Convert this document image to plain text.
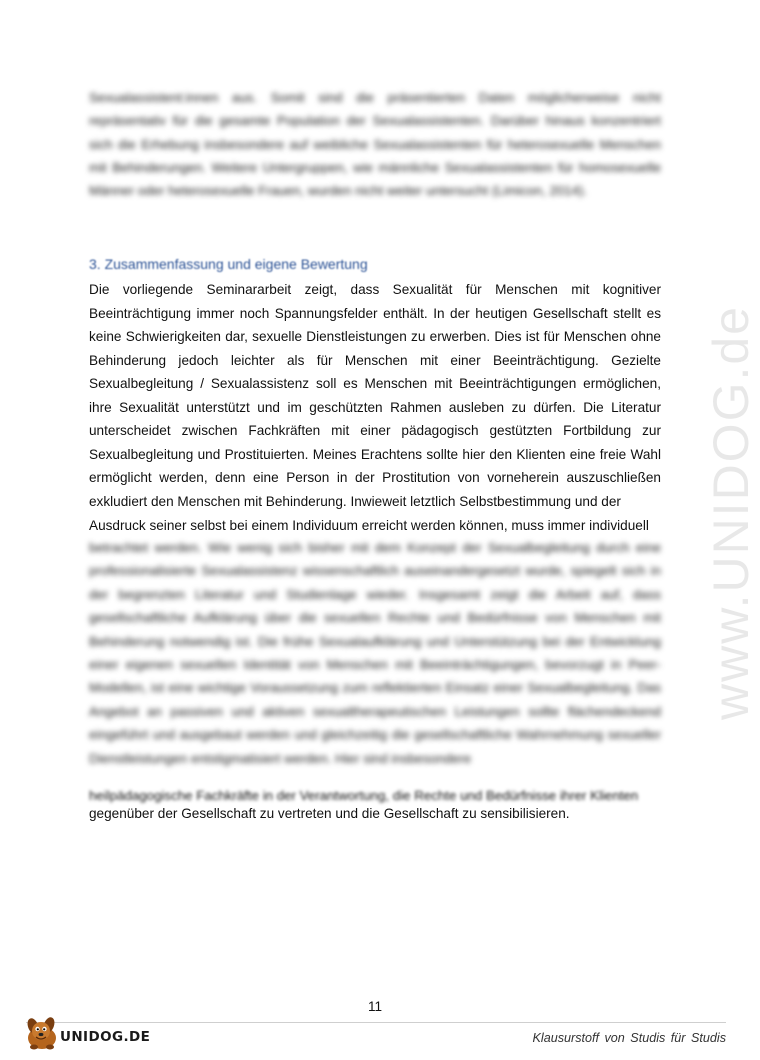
Sexualassistent:innen aus. Somit sind die präsentierten Daten möglicherweise nicht repräsentativ für die gesamte Population der Sexualassistenten. Darüber hinaus konzentriert sich die Erhebung insbesondere auf weibliche Sexualassistenten für heterosexuelle Menschen mit Behinderungen. Weitere Untergruppen, wie männliche Sexualassistenten für homosexuelle Männer oder heterosexuelle Frauen, wurden nicht weiter untersucht (Limicon, 2014).

3. Zusammenfassung und eigene Bewertung

Die vorliegende Seminararbeit zeigt, dass Sexualität für Menschen mit kognitiver Beeinträchtigung immer noch Spannungsfelder enthält. In der heutigen Gesellschaft stellt es keine Schwierigkeiten dar, sexuelle Dienstleistungen zu erwerben. Dies ist für Menschen ohne Behinderung jedoch leichter als für Menschen mit einer Beeinträchtigung. Gezielte Sexualbegleitung / Sexualassistenz soll es Menschen mit Beeinträchtigungen ermöglichen, ihre Sexualität unterstützt und im geschützten Rahmen ausleben zu dürfen. Die Literatur unterscheidet zwischen Fachkräften mit einer pädagogisch gestützten Fortbildung zur Sexualbegleitung und Prostituierten. Meines Erachtens sollte hier den Klienten eine freie Wahl ermöglicht werden, denn eine Person in der Prostitution von vorneherein auszuschließen exkludiert den Menschen mit Behinderung. Inwieweit letztlich Selbstbestimmung und der

Ausdruck seiner selbst bei einem Individuum erreicht werden können, muss immer individuell

betrachtet werden. Wie wenig sich bisher mit dem Konzept der Sexualbegleitung durch eine professionalisierte Sexualassistenz wissenschaftlich auseinandergesetzt wurde, spiegelt sich in der begrenzten Literatur und Studienlage wieder. Insgesamt zeigt die Arbeit auf, dass gesellschaftliche Aufklärung über die sexuellen Rechte und Bedürfnisse von Menschen mit Behinderung notwendig ist. Die frühe Sexualaufklärung und Unterstützung bei der Entwicklung einer eigenen sexuellen Identität von Menschen mit Beeinträchtigungen, bevorzugt in Peer-Modellen, ist eine wichtige Voraussetzung zum reflektierten Einsatz einer Sexualbegleitung. Das Angebot an passiven und aktiven sexualtherapeutischen Leistungen sollte flächendeckend eingeführt und ausgebaut werden und gleichzeitig die gesellschaftliche Wahrnehmung sexueller Dienstleistungen entstigmatisiert werden. Hier sind insbesondere

heilpädagogische Fachkräfte in der Verantwortung, die Rechte und Bedürfnisse ihrer Klienten

gegenüber der Gesellschaft zu vertreten und die Gesellschaft zu sensibilisieren.

www.UNIDOG.de
11
UNIDOG.DE	Klausurstoff von Studis für Studis
